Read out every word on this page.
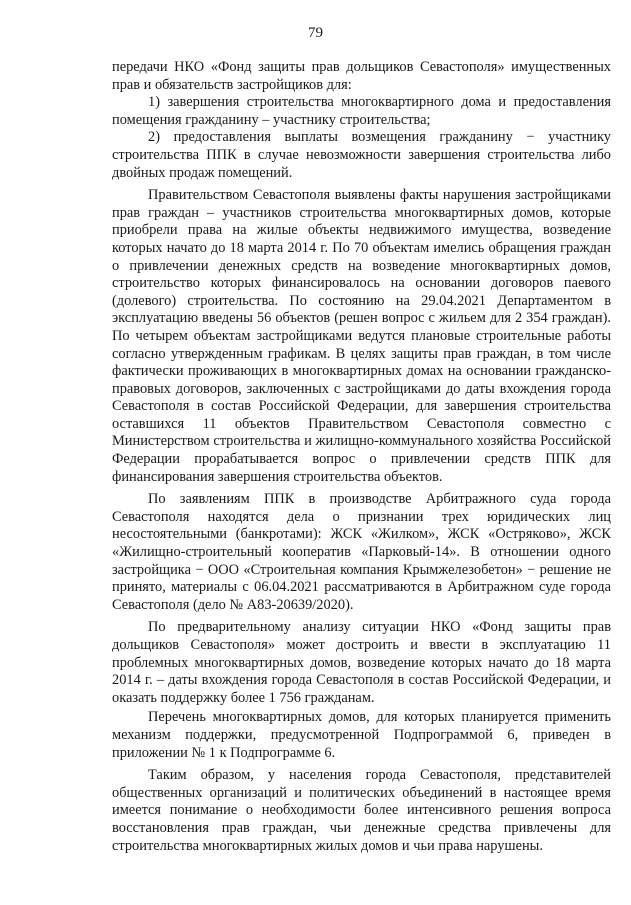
79

передачи НКО «Фонд защиты прав дольщиков Севастополя» имущественных прав и обязательств застройщиков для:

1) завершения строительства многоквартирного дома и предоставления помещения гражданину – участнику строительства;

2) предоставления выплаты возмещения гражданину − участнику строительства ППК в случае невозможности завершения строительства либо двойных продаж помещений.

Правительством Севастополя выявлены факты нарушения застройщиками прав граждан – участников строительства многоквартирных домов, которые приобрели права на жилые объекты недвижимого имущества, возведение которых начато до 18 марта 2014 г. По 70 объектам имелись обращения граждан о привлечении денежных средств на возведение многоквартирных домов, строительство которых финансировалось на основании договоров паевого (долевого) строительства. По состоянию на 29.04.2021 Департаментом в эксплуатацию введены 56 объектов (решен вопрос с жильем для 2 354 граждан). По четырем объектам застройщиками ведутся плановые строительные работы согласно утвержденным графикам. В целях защиты прав граждан, в том числе фактически проживающих в многоквартирных домах на основании гражданско-правовых договоров, заключенных с застройщиками до даты вхождения города Севастополя в состав Российской Федерации, для завершения строительства оставшихся 11 объектов Правительством Севастополя совместно с Министерством строительства и жилищно-коммунального хозяйства Российской Федерации прорабатывается вопрос о привлечении средств ППК для финансирования завершения строительства объектов.

По заявлениям ППК в производстве Арбитражного суда города Севастополя находятся дела о признании трех юридических лиц несостоятельными (банкротами): ЖСК «Жилком», ЖСК «Остряково», ЖСК «Жилищно-строительный кооператив «Парковый-14». В отношении одного застройщика − ООО «Строительная компания Крымжелезобетон» − решение не принято, материалы с 06.04.2021 рассматриваются в Арбитражном суде города Севастополя (дело № А83-20639/2020).

По предварительному анализу ситуации НКО «Фонд защиты прав дольщиков Севастополя» может достроить и ввести в эксплуатацию 11 проблемных многоквартирных домов, возведение которых начато до 18 марта 2014 г. – даты вхождения города Севастополя в состав Российской Федерации, и оказать поддержку более 1 756 гражданам.

Перечень многоквартирных домов, для которых планируется применить механизм поддержки, предусмотренной Подпрограммой 6, приведен в приложении № 1 к Подпрограмме 6.

Таким образом, у населения города Севастополя, представителей общественных организаций и политических объединений в настоящее время имеется понимание о необходимости более интенсивного решения вопроса восстановления прав граждан, чьи денежные средства привлечены для строительства многоквартирных жилых домов и чьи права нарушены.
